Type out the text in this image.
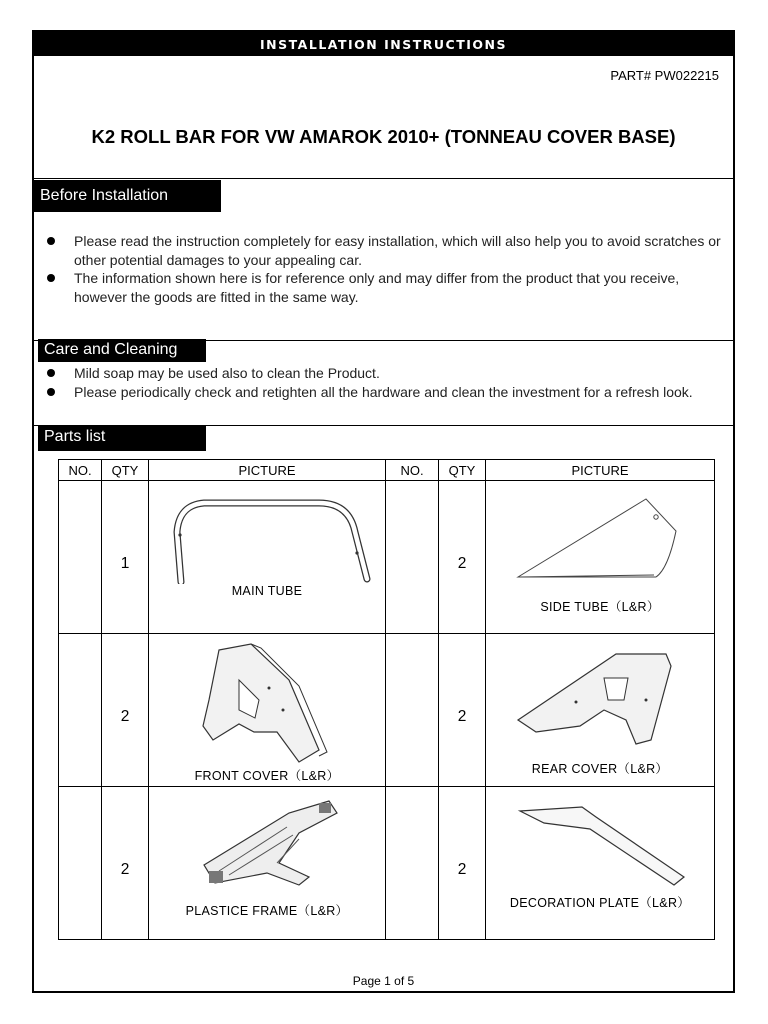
INSTALLATION INSTRUCTIONS
PART# PW022215
K2 ROLL BAR FOR VW AMAROK 2010+ (TONNEAU COVER BASE)
Before Installation
Please read the instruction completely for easy installation, which will also help you to avoid scratches or other potential damages to your appealing car.
The information shown here is for reference only and may differ from the product that you receive, however the goods are fitted in the same way.
Care and Cleaning
Mild soap may be used also to clean the Product.
Please periodically check and retighten all the hardware and clean the investment for a refresh look.
Parts list
NO.	QTY	PICTURE	NO.	QTY	PICTURE

	1	MAIN TUBE		2	SIDE TUBE（L&R）

	2	FRONT COVER（L&R）		2	REAR COVER（L&R）

	2	PLASTICE FRAME（L&R）		2	DECORATION PLATE（L&R）
Page 1 of 5
